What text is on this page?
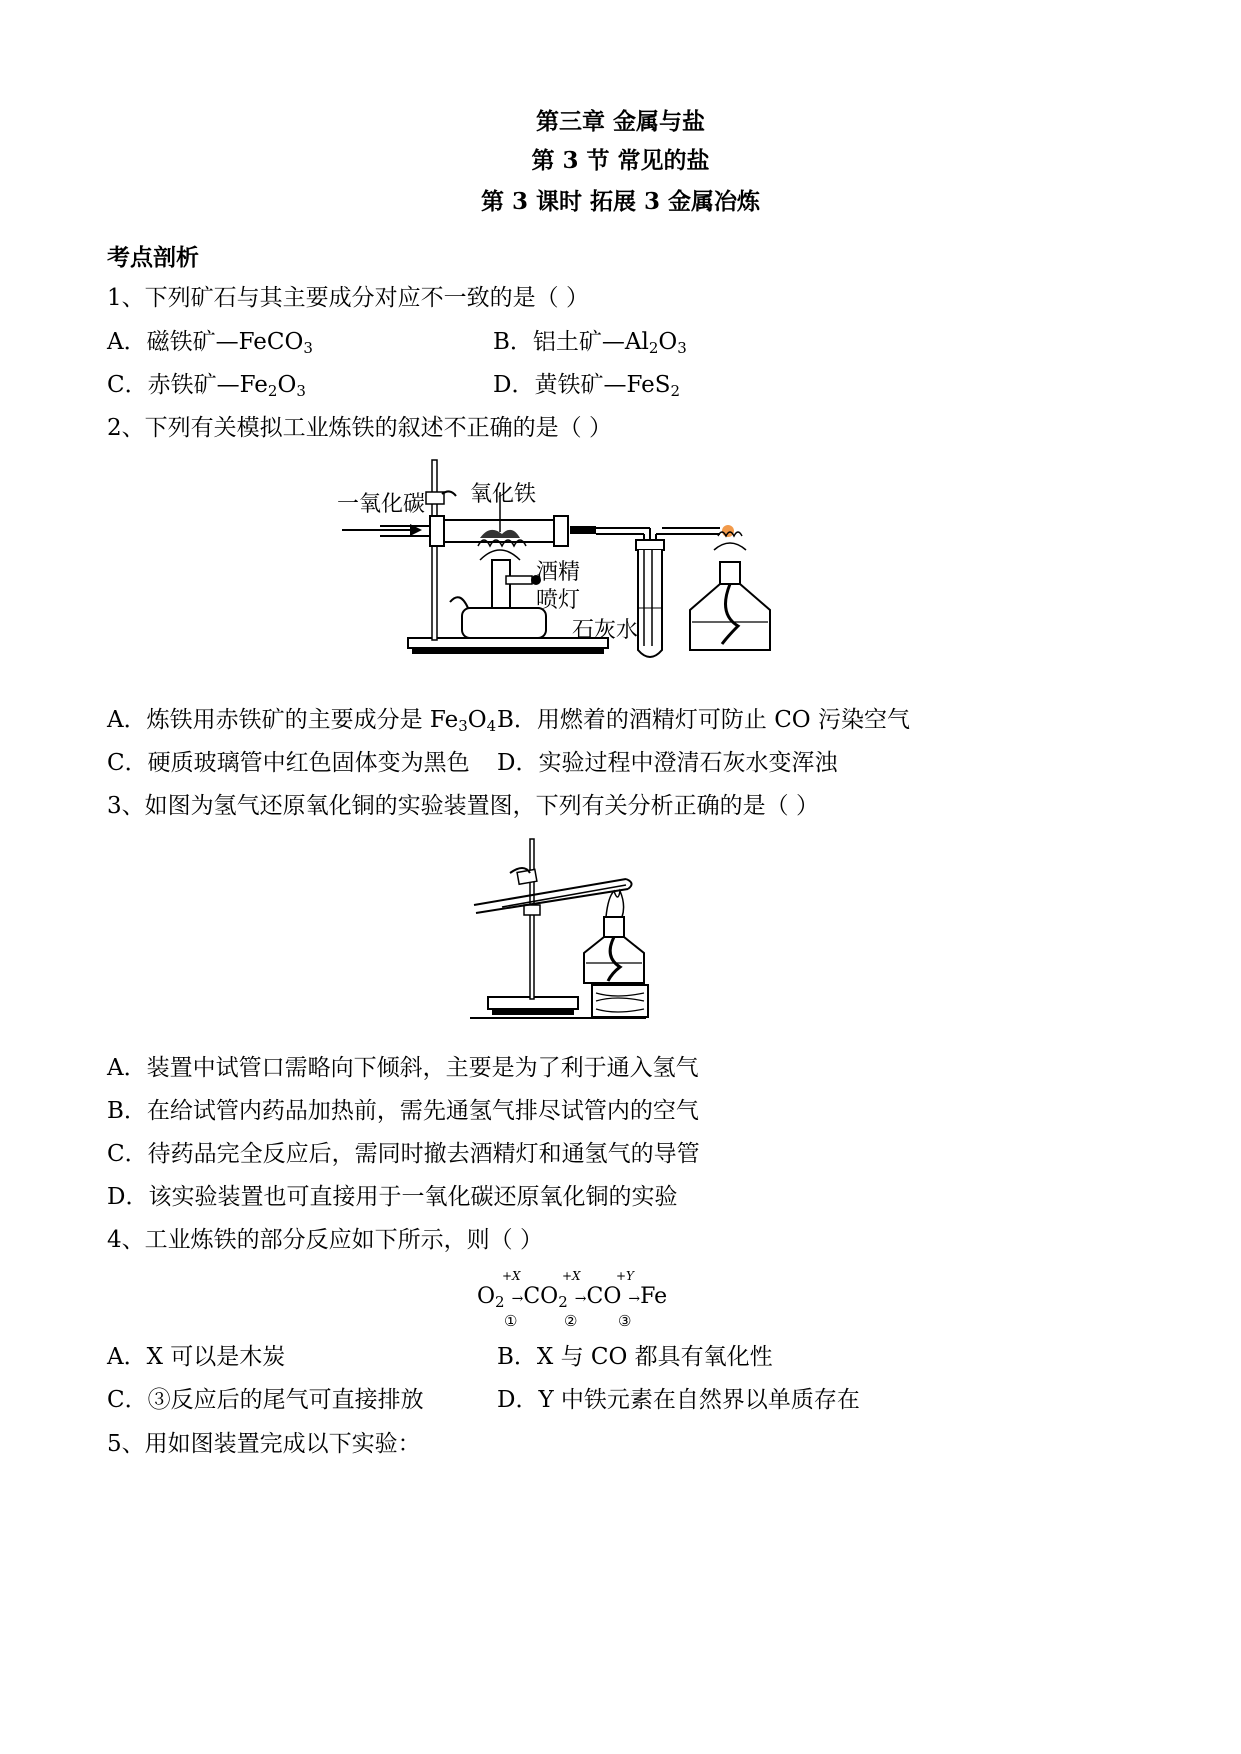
第三章 金属与盐
第 3 节 常见的盐
第 3 课时 拓展 3 金属冶炼
考点剖析
1、下列矿石与其主要成分对应不一致的是（ ）
A．磁铁矿—FeCO$_3$	B．铝土矿$—Al_2O_3$
C．赤铁矿$—Fe_2O_3$	D．黄铁矿—FeS$_2$
2、下列有关模拟工业炼铁的叙述不正确的是（ ）
一氧化碳 氧化铁
酒精
喷灯
石灰水
A．炼铁用赤铁矿的主要成分是 $Fe_3O_4$ B．用燃着的酒精灯可防止 CO 污染空气
C．硬质玻璃管中红色固体变为黑色 D．实验过程中澄清石灰水变浑浊
3、如图为氢气还原氧化铜的实验装置图，下列有关分析正确的是（ ）
A．装置中试管口需略向下倾斜，主要是为了利于通入氢气
B．在给试管内药品加热前，需先通氢气排尽试管内的空气
C．待药品完全反应后，需同时撤去酒精灯和通氢气的导管
D．该实验装置也可直接用于一氧化碳还原氧化铜的实验
4、工业炼铁的部分反应如下所示，则（ ）
+X	+X	+Y
$O_2 \to CO_2 \to CO \to Fe$
①	②	③
A．X 可以是木炭	B．X 与 CO 都具有氧化性
C．③反应后的尾气可直接排放	D．Y 中铁元素在自然界以单质存在
5、用如图装置完成以下实验：
